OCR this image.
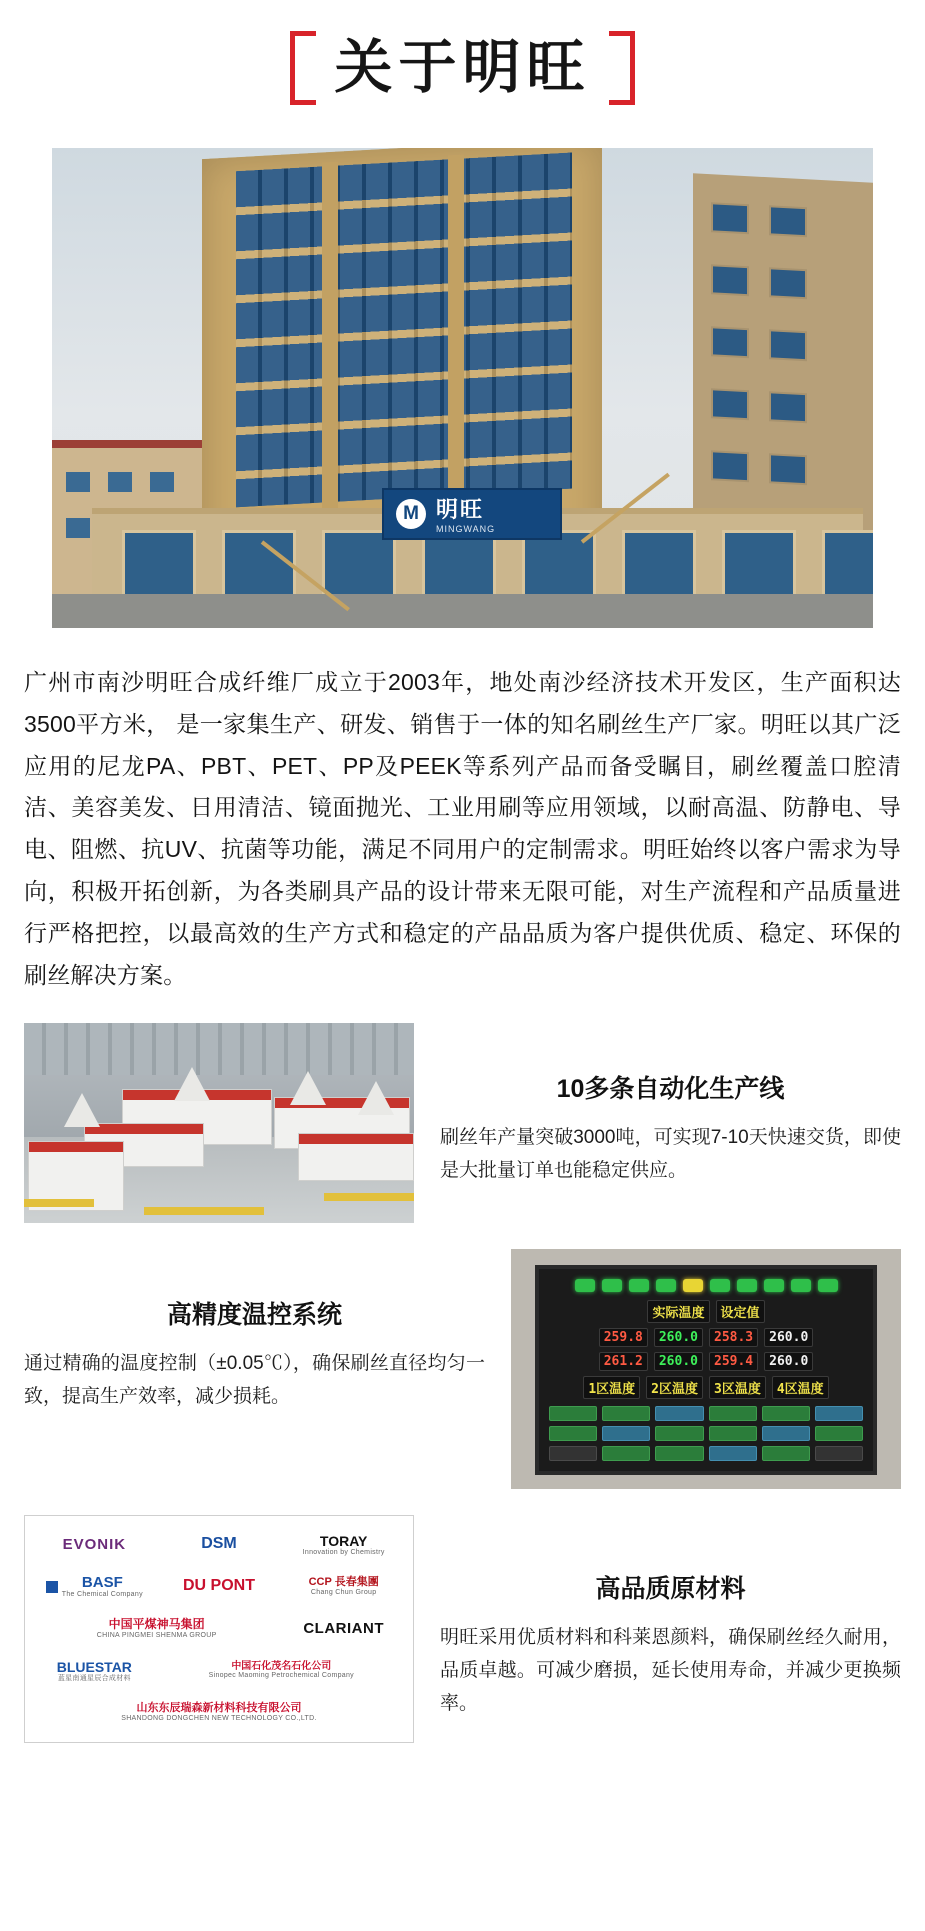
关于明旺
M 明旺
MINGWANG

广州市南沙明旺合成纤维厂成立于2003年，地处南沙经济技术开发区，生产面积达3500平方米， 是一家集生产、研发、销售于一体的知名刷丝生产厂家。明旺以其广泛应用的尼龙PA、PBT、PET、PP及PEEK等系列产品而备受瞩目，刷丝覆盖口腔清洁、美容美发、日用清洁、镜面抛光、工业用刷等应用领域，以耐高温、防静电、导电、阻燃、抗UV、抗菌等功能，满足不同用户的定制需求。明旺始终以客户需求为导向，积极开拓创新，为各类刷具产品的设计带来无限可能，对生产流程和产品质量进行严格把控，以最高效的生产方式和稳定的产品品质为客户提供优质、稳定、环保的刷丝解决方案。

10多条自动化生产线
刷丝年产量突破3000吨，可实现7-10天快速交货，即使是大批量订单也能稳定供应。
实际温度	设定值
259.8	260.0	258.3	260.0
261.2	260.0	259.4	260.0
1区温度	2区温度	3区温度	4区温度
高精度温控系统
通过精确的温度控制（±0.05℃），确保刷丝直径均匀一致，提高生产效率，减少损耗。
EVONIK	DSM	TORAY
Innovation by Chemistry
BASF
The Chemical Company
DU PONT	CCP 長春集團
Chang Chun Group
中国平煤神马集团
CHINA PINGMEI SHENMA GROUP	CLARIANT
BLUESTAR
蓝星南通星辰合成材料
中国石化茂名石化公司
Sinopec Maoming Petrochemical Company
山东东辰瑞森新材料科技有限公司
SHANDONG DONGCHEN NEW TECHNOLOGY CO.,LTD.
高品质原材料
明旺采用优质材料和科莱恩颜料，确保刷丝经久耐用，品质卓越。可减少磨损，延长使用寿命，并减少更换频率。
